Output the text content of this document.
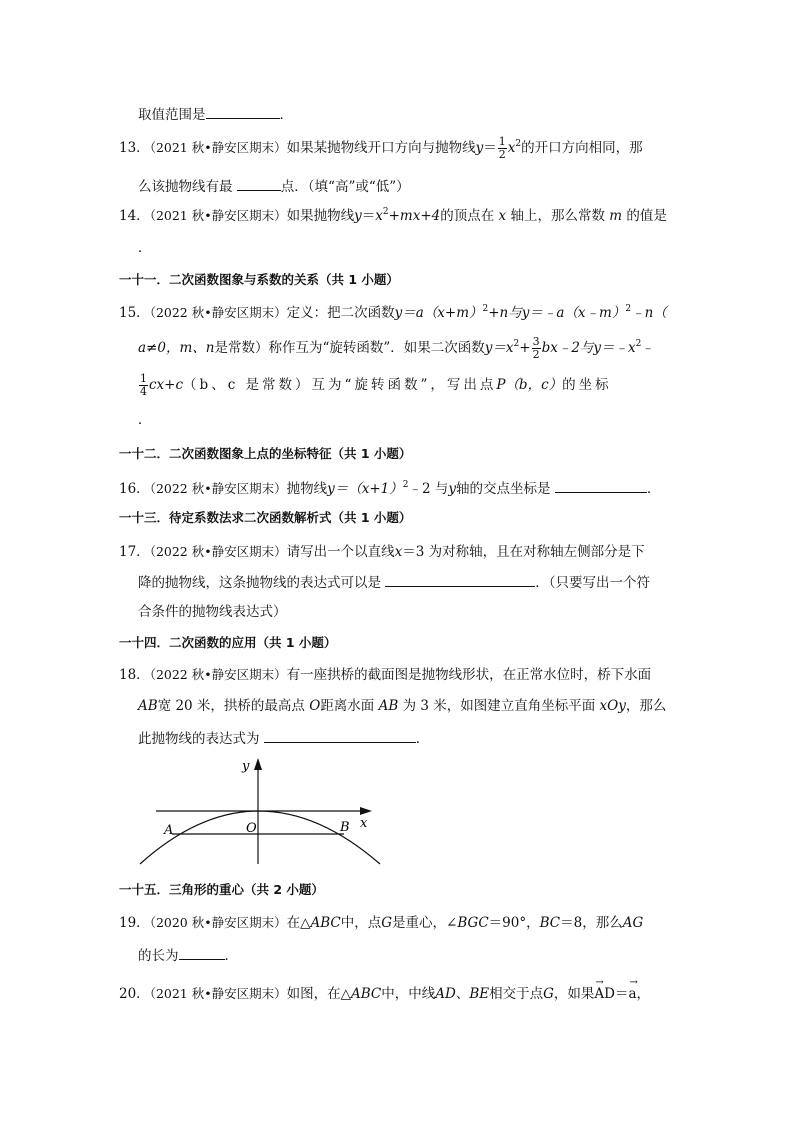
取值范围是	．
13．（2021 秋•静安区期末）如果某抛物线开口方向与抛物线$y= \frac{1}{2} x^2$的开口方向相同，那
么该抛物线有最	点．（填“高”或“低”）
14．（2021 秋•静安区期末）如果抛物线$y=x^2+mx+4$的顶点在 x 轴上，那么常数 m 的值是
．
一十一．二次函数图象与系数的关系（共 1 小题）
15．（2022 秋•静安区期末）定义：把二次函数$y=a(x+m)^2+n$与y＝﹣a（x﹣m）$^2$﹣n（
a≠0，m、n是常数）称作互为“旋转函数”．如果二次函数$y=x^2+ \frac{3}{2}$ bx﹣2与$y=﹣x^2﹣$
$\frac{1}{4} cx+c(b$、c 是常数）互为“旋转函数”，写出点P（b，c）的坐标
．
一十二．二次函数图象上点的坐标特征（共 1 小题）
16．（2022 秋•静安区期末）抛物线$y=(x+1)^2﹣2$ 与y轴的交点坐标是	．
一十三．待定系数法求二次函数解析式（共 1 小题）
17．（2022 秋•静安区期末）请写出一个以直线x＝3 为对称轴，且在对称轴左侧部分是下
降的抛物线，这条抛物线的表达式可以是	．（只要写出一个符
合条件的抛物线表达式）
一十四．二次函数的应用（共 1 小题）
18．（2022 秋•静安区期末）有一座拱桥的截面图是抛物线形状，在正常水位时，桥下水面
AB宽 20 米，拱桥的最高点 O距离水面 AB 为 3 米，如图建立直角坐标平面 xOy，那么
此抛物线的表达式为	．
O
A	B x
y
一十五．三角形的重心（共 2 小题）
19．（2020 秋•静安区期末）在△ABC中，点G是重心，∠BGC＝90°，BC＝8，那么AG
的长为	．
20．（2021 秋•静安区期末）如图，在△ABC中，中线AD、BE相交于点G，如果→ AD＝→ a，
